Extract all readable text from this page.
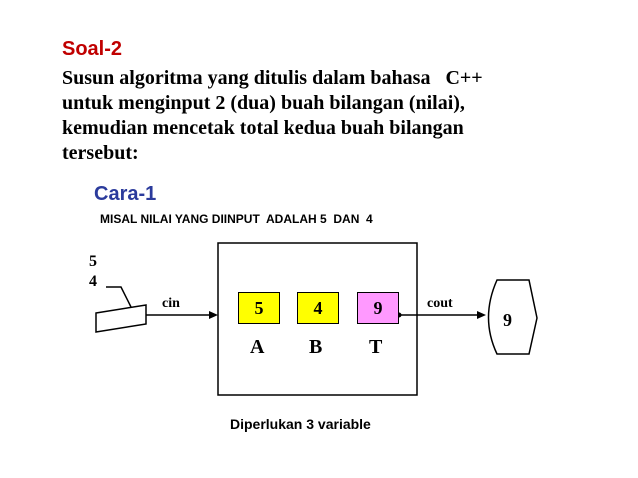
Soal-2
Susun algoritma yang ditulis dalam bahasa   C++
untuk menginput 2 (dua) buah bilangan (nilai),
kemudian mencetak total kedua buah bilangan
tersebut:
Cara-1
MISAL NILAI YANG DIINPUT  ADALAH 5  DAN  4
5
4
cin	cout
5	4	9
A B T
9
Diperlukan 3 variable
